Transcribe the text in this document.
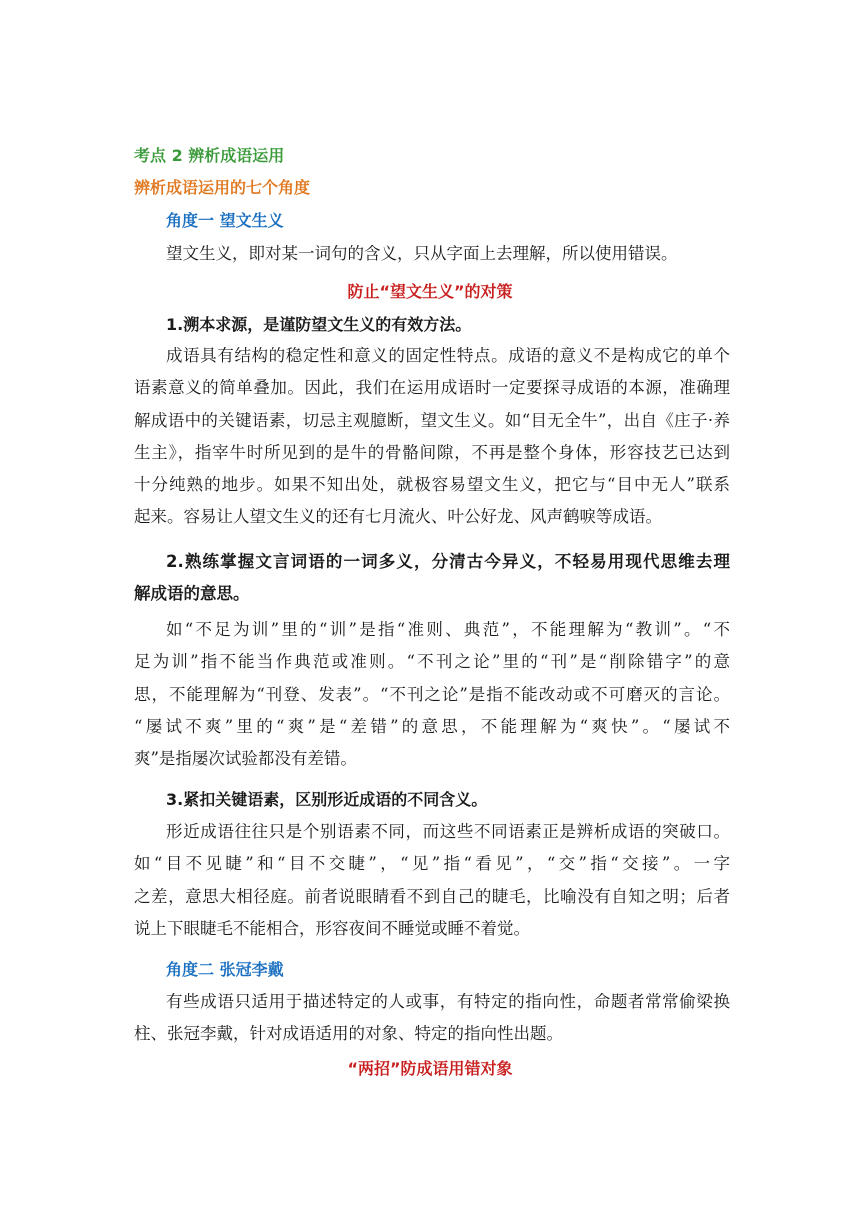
考点 2 辨析成语运用
辨析成语运用的七个角度
角度一 望文生义
望文生义，即对某一词句的含义，只从字面上去理解，所以使用错误。
防止“望文生义”的对策
1.溯本求源，是谨防望文生义的有效方法。
成语具有结构的稳定性和意义的固定性特点。成语的意义不是构成它的单个
语素意义的简单叠加。因此，我们在运用成语时一定要探寻成语的本源，准确理
解成语中的关键语素，切忌主观臆断，望文生义。如“目无全牛”，出自《庄子·养
生主》，指宰牛时所见到的是牛的骨骼间隙，不再是整个身体，形容技艺已达到
十分纯熟的地步。如果不知出处，就极容易望文生义，把它与“目中无人”联系
起来。容易让人望文生义的还有七月流火、叶公好龙、风声鹤唳等成语。
2.熟练掌握文言词语的一词多义，分清古今异义，不轻易用现代思维去理
解成语的意思。
如“不足为训”里的“训”是指“准则、典范”，不能理解为“教训”。“不
足为训”指不能当作典范或准则。“不刊之论”里的“刊”是“削除错字”的意
思，不能理解为“刊登、发表”。“不刊之论”是指不能改动或不可磨灭的言论。
“屡试不爽”里的“爽”是“差错”的意思，不能理解为“爽快”。“屡试不
爽”是指屡次试验都没有差错。
3.紧扣关键语素，区别形近成语的不同含义。
形近成语往往只是个别语素不同，而这些不同语素正是辨析成语的突破口。
如“目不见睫”和“目不交睫”，“见”指“看见”，“交”指“交接”。一字
之差，意思大相径庭。前者说眼睛看不到自己的睫毛，比喻没有自知之明；后者
说上下眼睫毛不能相合，形容夜间不睡觉或睡不着觉。
角度二 张冠李戴
有些成语只适用于描述特定的人或事，有特定的指向性，命题者常常偷梁换
柱、张冠李戴，针对成语适用的对象、特定的指向性出题。
“两招”防成语用错对象
